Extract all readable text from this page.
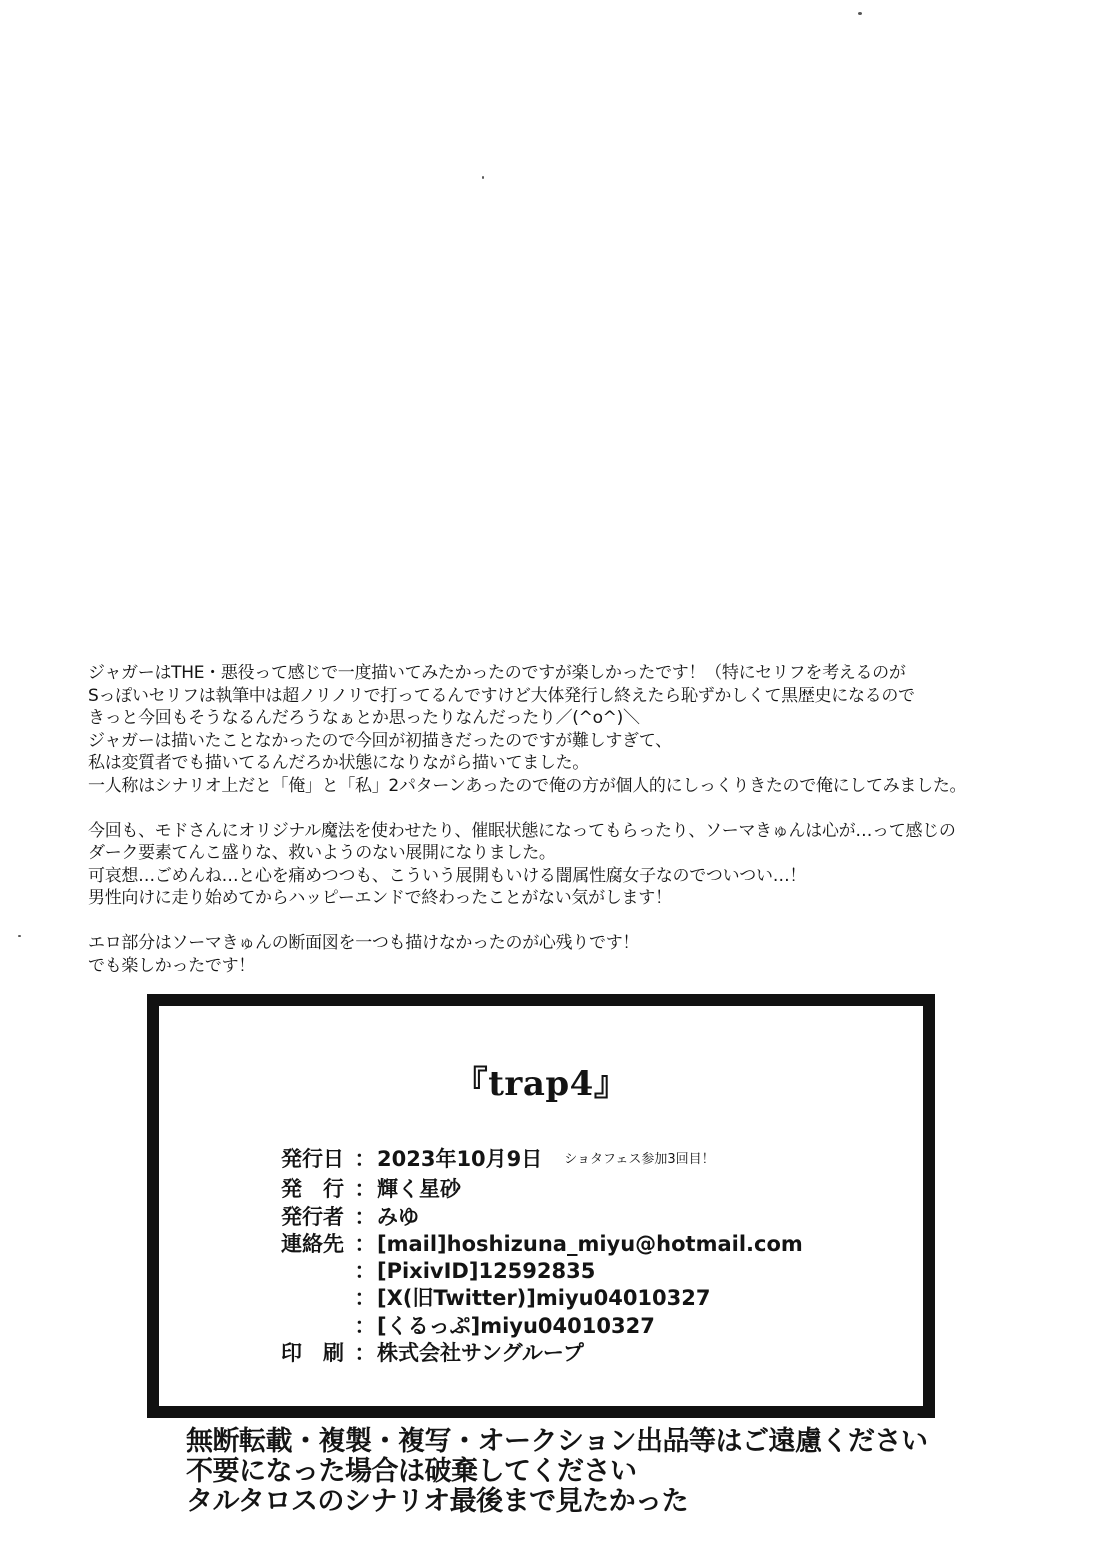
ジャガーはTHE・悪役って感じで一度描いてみたかったのですが楽しかったです！（特にセリフを考えるのが
Sっぽいセリフは執筆中は超ノリノリで打ってるんですけど大体発行し終えたら恥ずかしくて黒歴史になるので
きっと今回もそうなるんだろうなぁとか思ったりなんだったり／(^o^)＼
ジャガーは描いたことなかったので今回が初描きだったのですが難しすぎて、
私は変質者でも描いてるんだろか状態になりながら描いてました。
一人称はシナリオ上だと「俺」と「私」2パターンあったので俺の方が個人的にしっくりきたので俺にしてみました。
今回も、モドさんにオリジナル魔法を使わせたり、催眠状態になってもらったり、ソーマきゅんは心が…って感じの
ダーク要素てんこ盛りな、救いようのない展開になりました。
可哀想…ごめんね…と心を痛めつつも、こういう展開もいける闇属性腐女子なのでついつい…！
男性向けに走り始めてからハッピーエンドで終わったことがない気がします！
エロ部分はソーマきゅんの断面図を一つも描けなかったのが心残りです！
でも楽しかったです！
『trap4』
発行日 ： 2023年10月9日 ショタフェス参加3回目！
発　行 ： 輝く星砂
発行者 ： みゆ
連絡先 ： [mail]hoshizuna_miyu@hotmail.com
： [PixivID]12592835
： [X(旧Twitter)]miyu04010327
： [くるっぷ]miyu04010327
印　刷 ： 株式会社サングループ
無断転載・複製・複写・オークション出品等はご遠慮ください
不要になった場合は破棄してください
タルタロスのシナリオ最後まで見たかった
